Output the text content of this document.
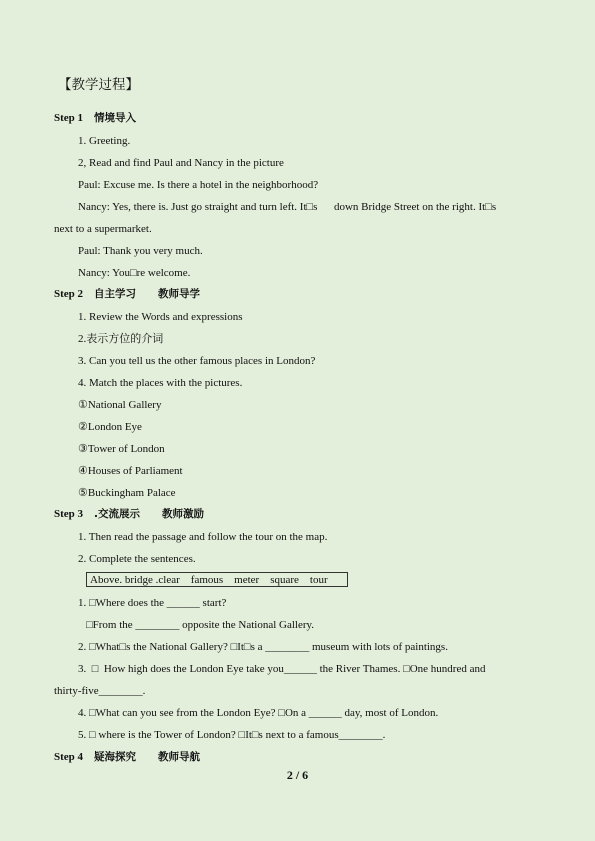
【教学过程】
Step 1 情境导入
1. Greeting.
2, Read and find Paul and Nancy in the picture
Paul: Excuse me. Is there a hotel in the neighborhood?
Nancy: Yes, there is. Just go straight and turn left. It□s      down Bridge Street on the right. It□s
next to a supermarket.
Paul: Thank you very much.
Nancy: You□re welcome.
Step 2 自主学习      教师导学
1. Review the Words and expressions
2.表示方位的介词
3. Can you tell us the other famous places in London?
4. Match the places with the pictures.
①National Gallery
②London Eye
③Tower of London
④Houses of Parliament
⑤Buckingham Palace
Step 3 .交流展示      教师激励
1. Then read the passage and follow the tour on the map.
2. Complete the sentences.
Above. bridge .clear    famous    meter    square    tour
1. □Where does the ______ start?
□From the ________ opposite the National Gallery.
2. □What□s the National Gallery? □It□s a ________ museum with lots of paintings.
3.  □  How high does the London Eye take you______ the River Thames. □One hundred and
thirty-five________.
4. □What can you see from the London Eye? □On a ______ day, most of London.
5. □ where is the Tower of London? □It□s next to a famous________.
Step 4 疑海探究      教师导航
2 / 6
